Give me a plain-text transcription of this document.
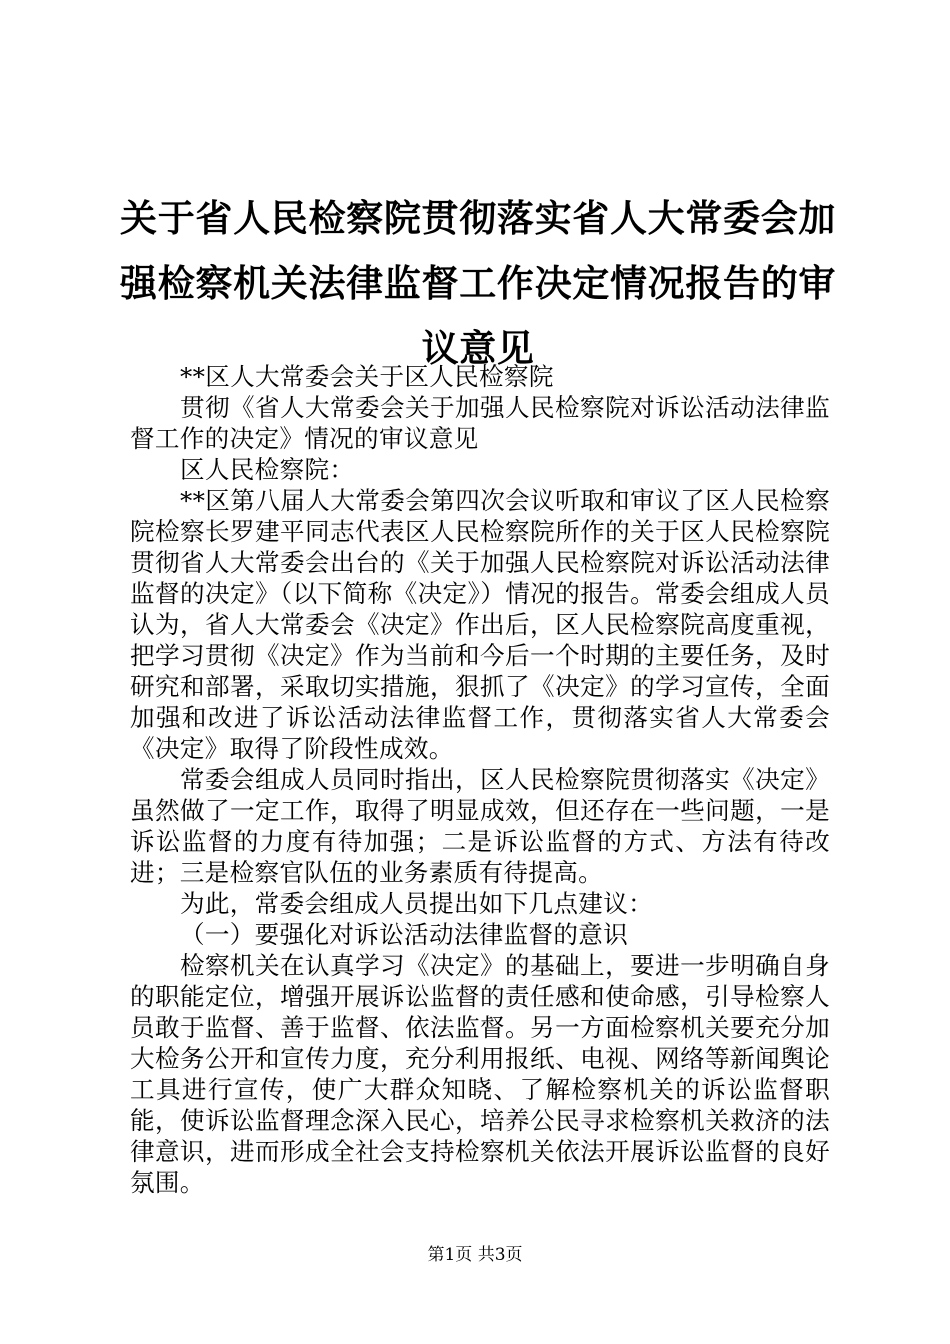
关于省人民检察院贯彻落实省人大常委会加强检察机关法律监督工作决定情况报告的审议意见

**区人大常委会关于区人民检察院

贯彻《省人大常委会关于加强人民检察院对诉讼活动法律监督工作的决定》情况的审议意见

区人民检察院：

**区第八届人大常委会第四次会议听取和审议了区人民检察院检察长罗建平同志代表区人民检察院所作的关于区人民检察院贯彻省人大常委会出台的《关于加强人民检察院对诉讼活动法律监督的决定》（以下简称《决定》）情况的报告。常委会组成人员认为，省人大常委会《决定》作出后，区人民检察院高度重视，把学习贯彻《决定》作为当前和今后一个时期的主要任务，及时研究和部署，采取切实措施，狠抓了《决定》的学习宣传，全面加强和改进了诉讼活动法律监督工作，贯彻落实省人大常委会《决定》取得了阶段性成效。

常委会组成人员同时指出，区人民检察院贯彻落实《决定》虽然做了一定工作，取得了明显成效，但还存在一些问题，一是诉讼监督的力度有待加强；二是诉讼监督的方式、方法有待改进；三是检察官队伍的业务素质有待提高。

为此，常委会组成人员提出如下几点建议：

（一）要强化对诉讼活动法律监督的意识

检察机关在认真学习《决定》的基础上，要进一步明确自身的职能定位，增强开展诉讼监督的责任感和使命感，引导检察人员敢于监督、善于监督、依法监督。另一方面检察机关要充分加大检务公开和宣传力度，充分利用报纸、电视、网络等新闻舆论工具进行宣传，使广大群众知晓、了解检察机关的诉讼监督职能，使诉讼监督理念深入民心，培养公民寻求检察机关救济的法律意识，进而形成全社会支持检察机关依法开展诉讼监督的良好氛围。

第1页 共3页
